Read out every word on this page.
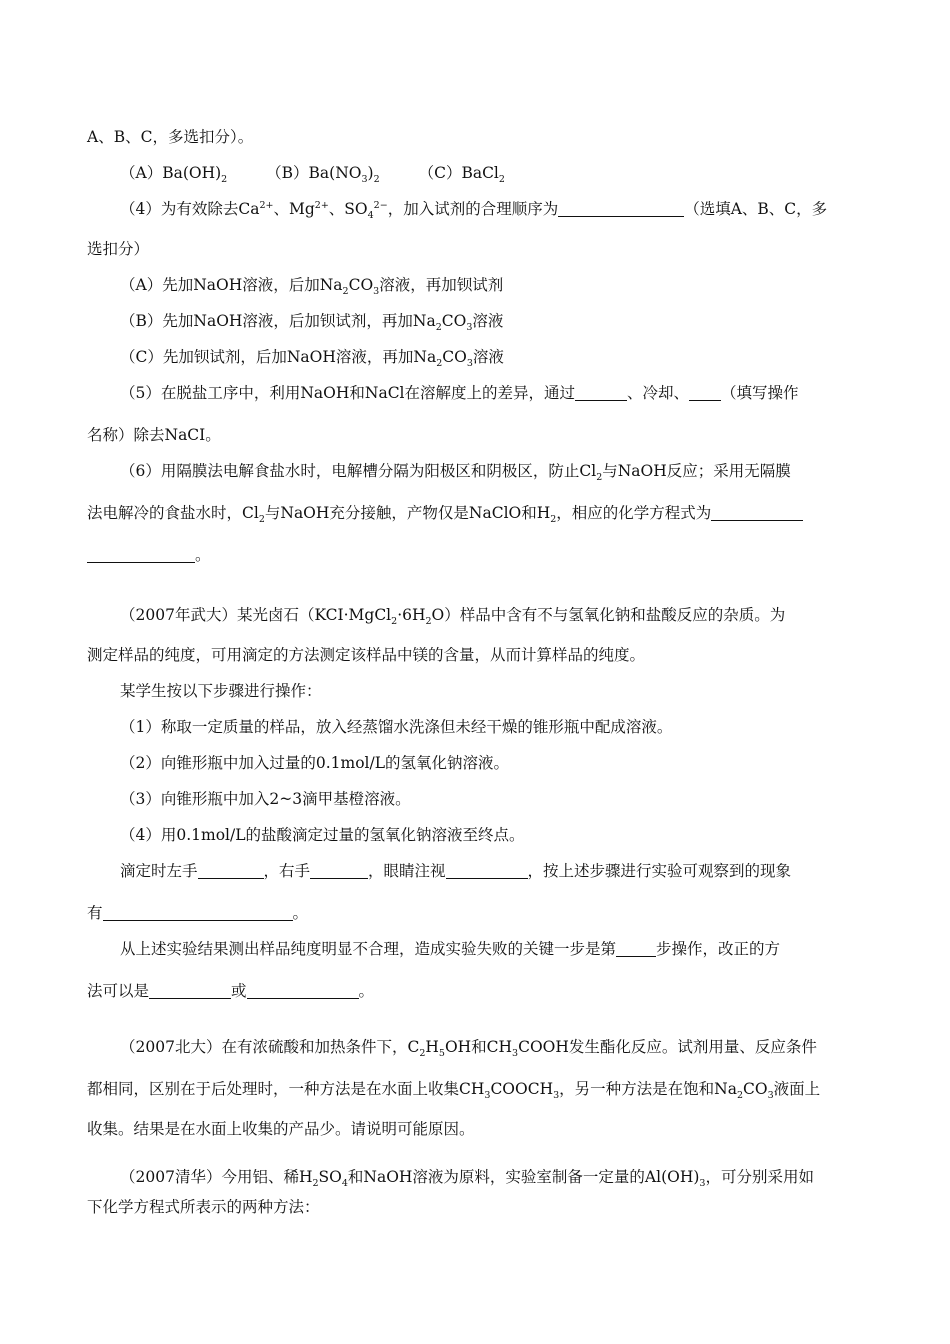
A、B、C，多选扣分）。
$(A)Ba(OH)_2$	$(B)Ba(NO_3)_2$	（C）BaCl$_2$
（4）为有效除去$Ca^{2+}$、$Mg^{2+}$、$SO_4^{2-}$，加入试剂的合理顺序为	（选填A、B、C，多
选扣分）
（A）先加NaOH溶液，后加$Na_2CO_3$溶液，再加钡试剂
（B）先加NaOH溶液，后加钡试剂，再加$Na_2CO_3$溶液
（C）先加钡试剂，后加NaOH溶液，再加$Na_2CO_3$溶液
（5）在脱盐工序中，利用NaOH和NaCl在溶解度上的差异，通过	、冷却、 （填写操作
名称）除去NaCI。
（6）用隔膜法电解食盐水时，电解槽分隔为阳极区和阴极区，防止$Cl_2$与NaOH反应；采用无隔膜
法电解冷的食盐水时，$Cl_2$与NaOH充分接触，产物仅是NaClO和$H_2$，相应的化学方程式为
。
（2007年武大）某光卤石$(KCI\cdot MgCl_2\cdot 6H_2O)$样品中含有不与氢氧化钠和盐酸反应的杂质。为
测定样品的纯度，可用滴定的方法测定该样品中镁的含量，从而计算样品的纯度。
某学生按以下步骤进行操作：
（1）称取一定质量的样品，放入经蒸馏水洗涤但未经干燥的锥形瓶中配成溶液。
（2）向锥形瓶中加入过量的0.1mol/L的氢氧化钠溶液。
（3）向锥形瓶中加入2~3滴甲基橙溶液。
（4）用0.1mol/L的盐酸滴定过量的氢氧化钠溶液至终点。
滴定时左手	，右手	，眼睛注视	，按上述步骤进行实验可观察到的现象
有	。
从上述实验结果测出样品纯度明显不合理，造成实验失败的关键一步是第	步操作，改正的方
法可以是	或	。
（2007北大）在有浓硫酸和加热条件下，$C_2H_5OH$和$CH_3COOH$发生酯化反应。试剂用量、反应条件
都相同，区别在于后处理时，一种方法是在水面上收集$CH_3COOCH_3$，另一种方法是在饱和$Na_2CO_3$液面上
收集。结果是在水面上收集的产品少。请说明可能原因。
（2007清华）今用铝、稀$H_2SO_4$和NaOH溶液为原料，实验室制备一定量的$Al(OH)_3$，可分别采用如
下化学方程式所表示的两种方法：
